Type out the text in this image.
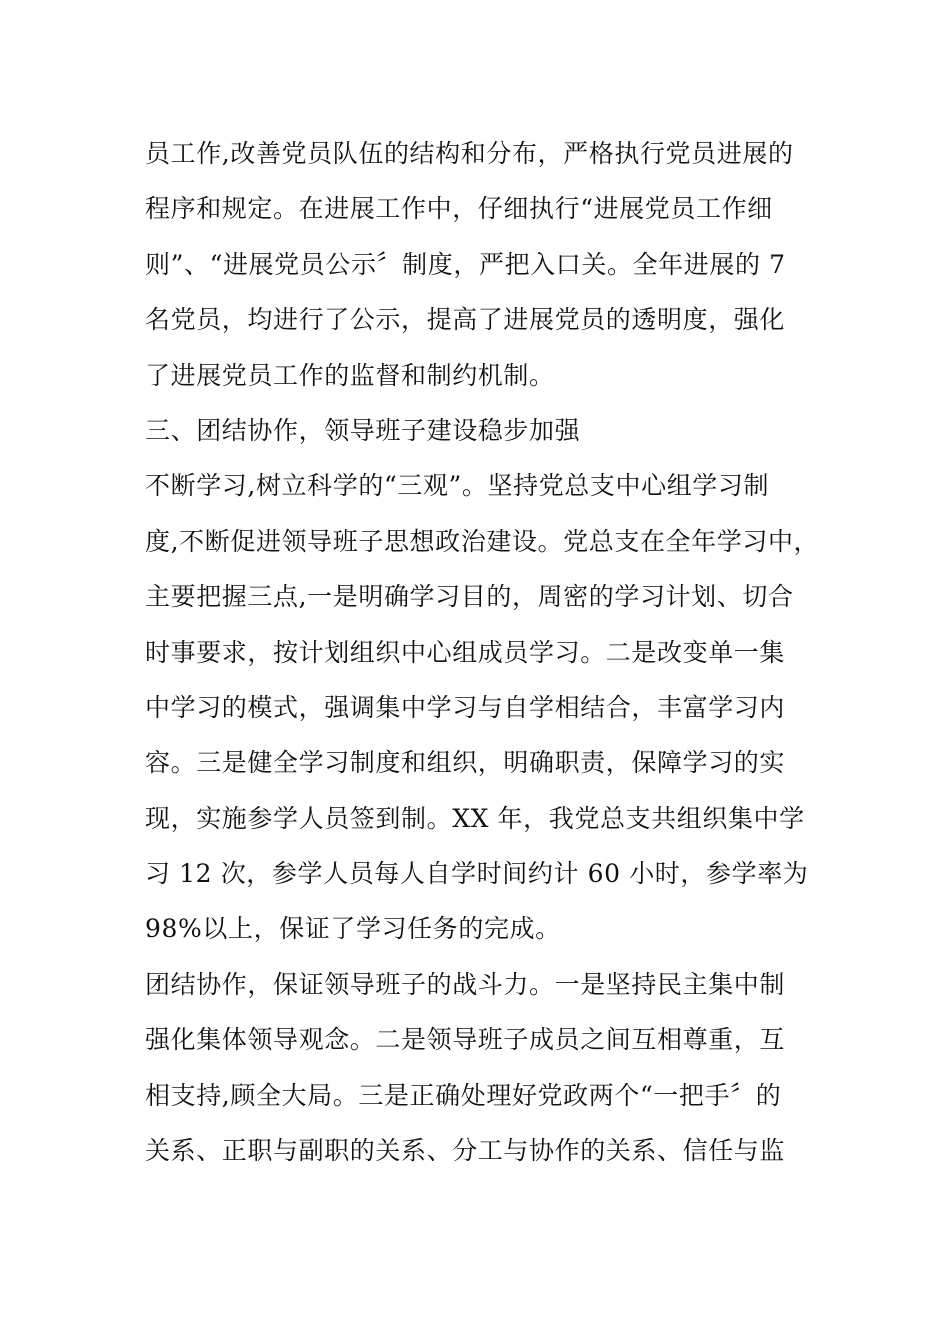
员工作,改善党员队伍的结构和分布，严格执行党员进展的
程序和规定。在进展工作中，仔细执行“进展党员工作细
则”、“进展党员公示〞制度，严把入口关。全年进展的 7
名党员，均进行了公示，提高了进展党员的透明度，强化
了进展党员工作的监督和制约机制。
三、团结协作，领导班子建设稳步加强
不断学习,树立科学的“三观”。坚持党总支中心组学习制
度,不断促进领导班子思想政治建设。党总支在全年学习中，
主要把握三点,一是明确学习目的，周密的学习计划、切合
时事要求，按计划组织中心组成员学习。二是改变单一集
中学习的模式，强调集中学习与自学相结合，丰富学习内
容。三是健全学习制度和组织，明确职责，保障学习的实
现，实施参学人员签到制。XX 年，我党总支共组织集中学
习 12 次，参学人员每人自学时间约计 60 小时，参学率为
98%以上，保证了学习任务的完成。
团结协作，保证领导班子的战斗力。一是坚持民主集中制
强化集体领导观念。二是领导班子成员之间互相尊重，互
相支持,顾全大局。三是正确处理好党政两个“一把手〞的
关系、正职与副职的关系、分工与协作的关系、信任与监
